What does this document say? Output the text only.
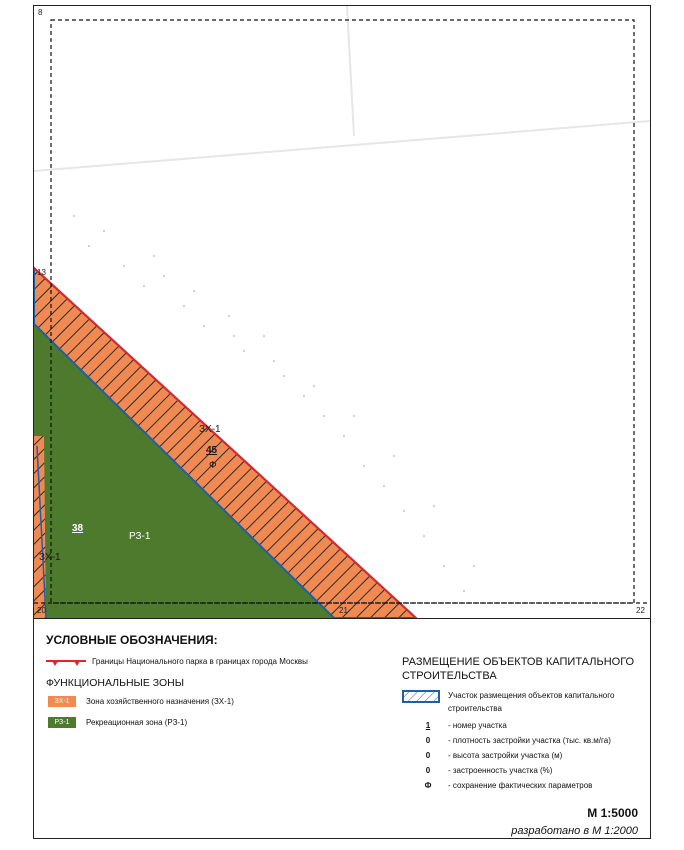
8
13
20	21	22
ЗХ-1
45
Ф
РЗ-1
38
ЗХ-1
УСЛОВНЫЕ ОБОЗНАЧЕНИЯ:
Границы Национального парка в границах города Москвы
ФУНКЦИОНАЛЬНЫЕ ЗОНЫ
ЗХ-1	Зона хозяйственного назначения (ЗХ-1)
РЗ-1	Рекреационная зона (РЗ-1)
РАЗМЕЩЕНИЕ ОБЪЕКТОВ КАПИТАЛЬНОГО СТРОИТЕЛЬСТВА
Участок размещения объектов капитального строительства
1	- номер участка
0	- плотность застройки участка (тыс. кв.м/га)
0	- высота застройки участка (м)
0	- застроенность участка (%)
Ф	- сохранение фактических параметров
М 1:5000
разработано в М 1:2000
